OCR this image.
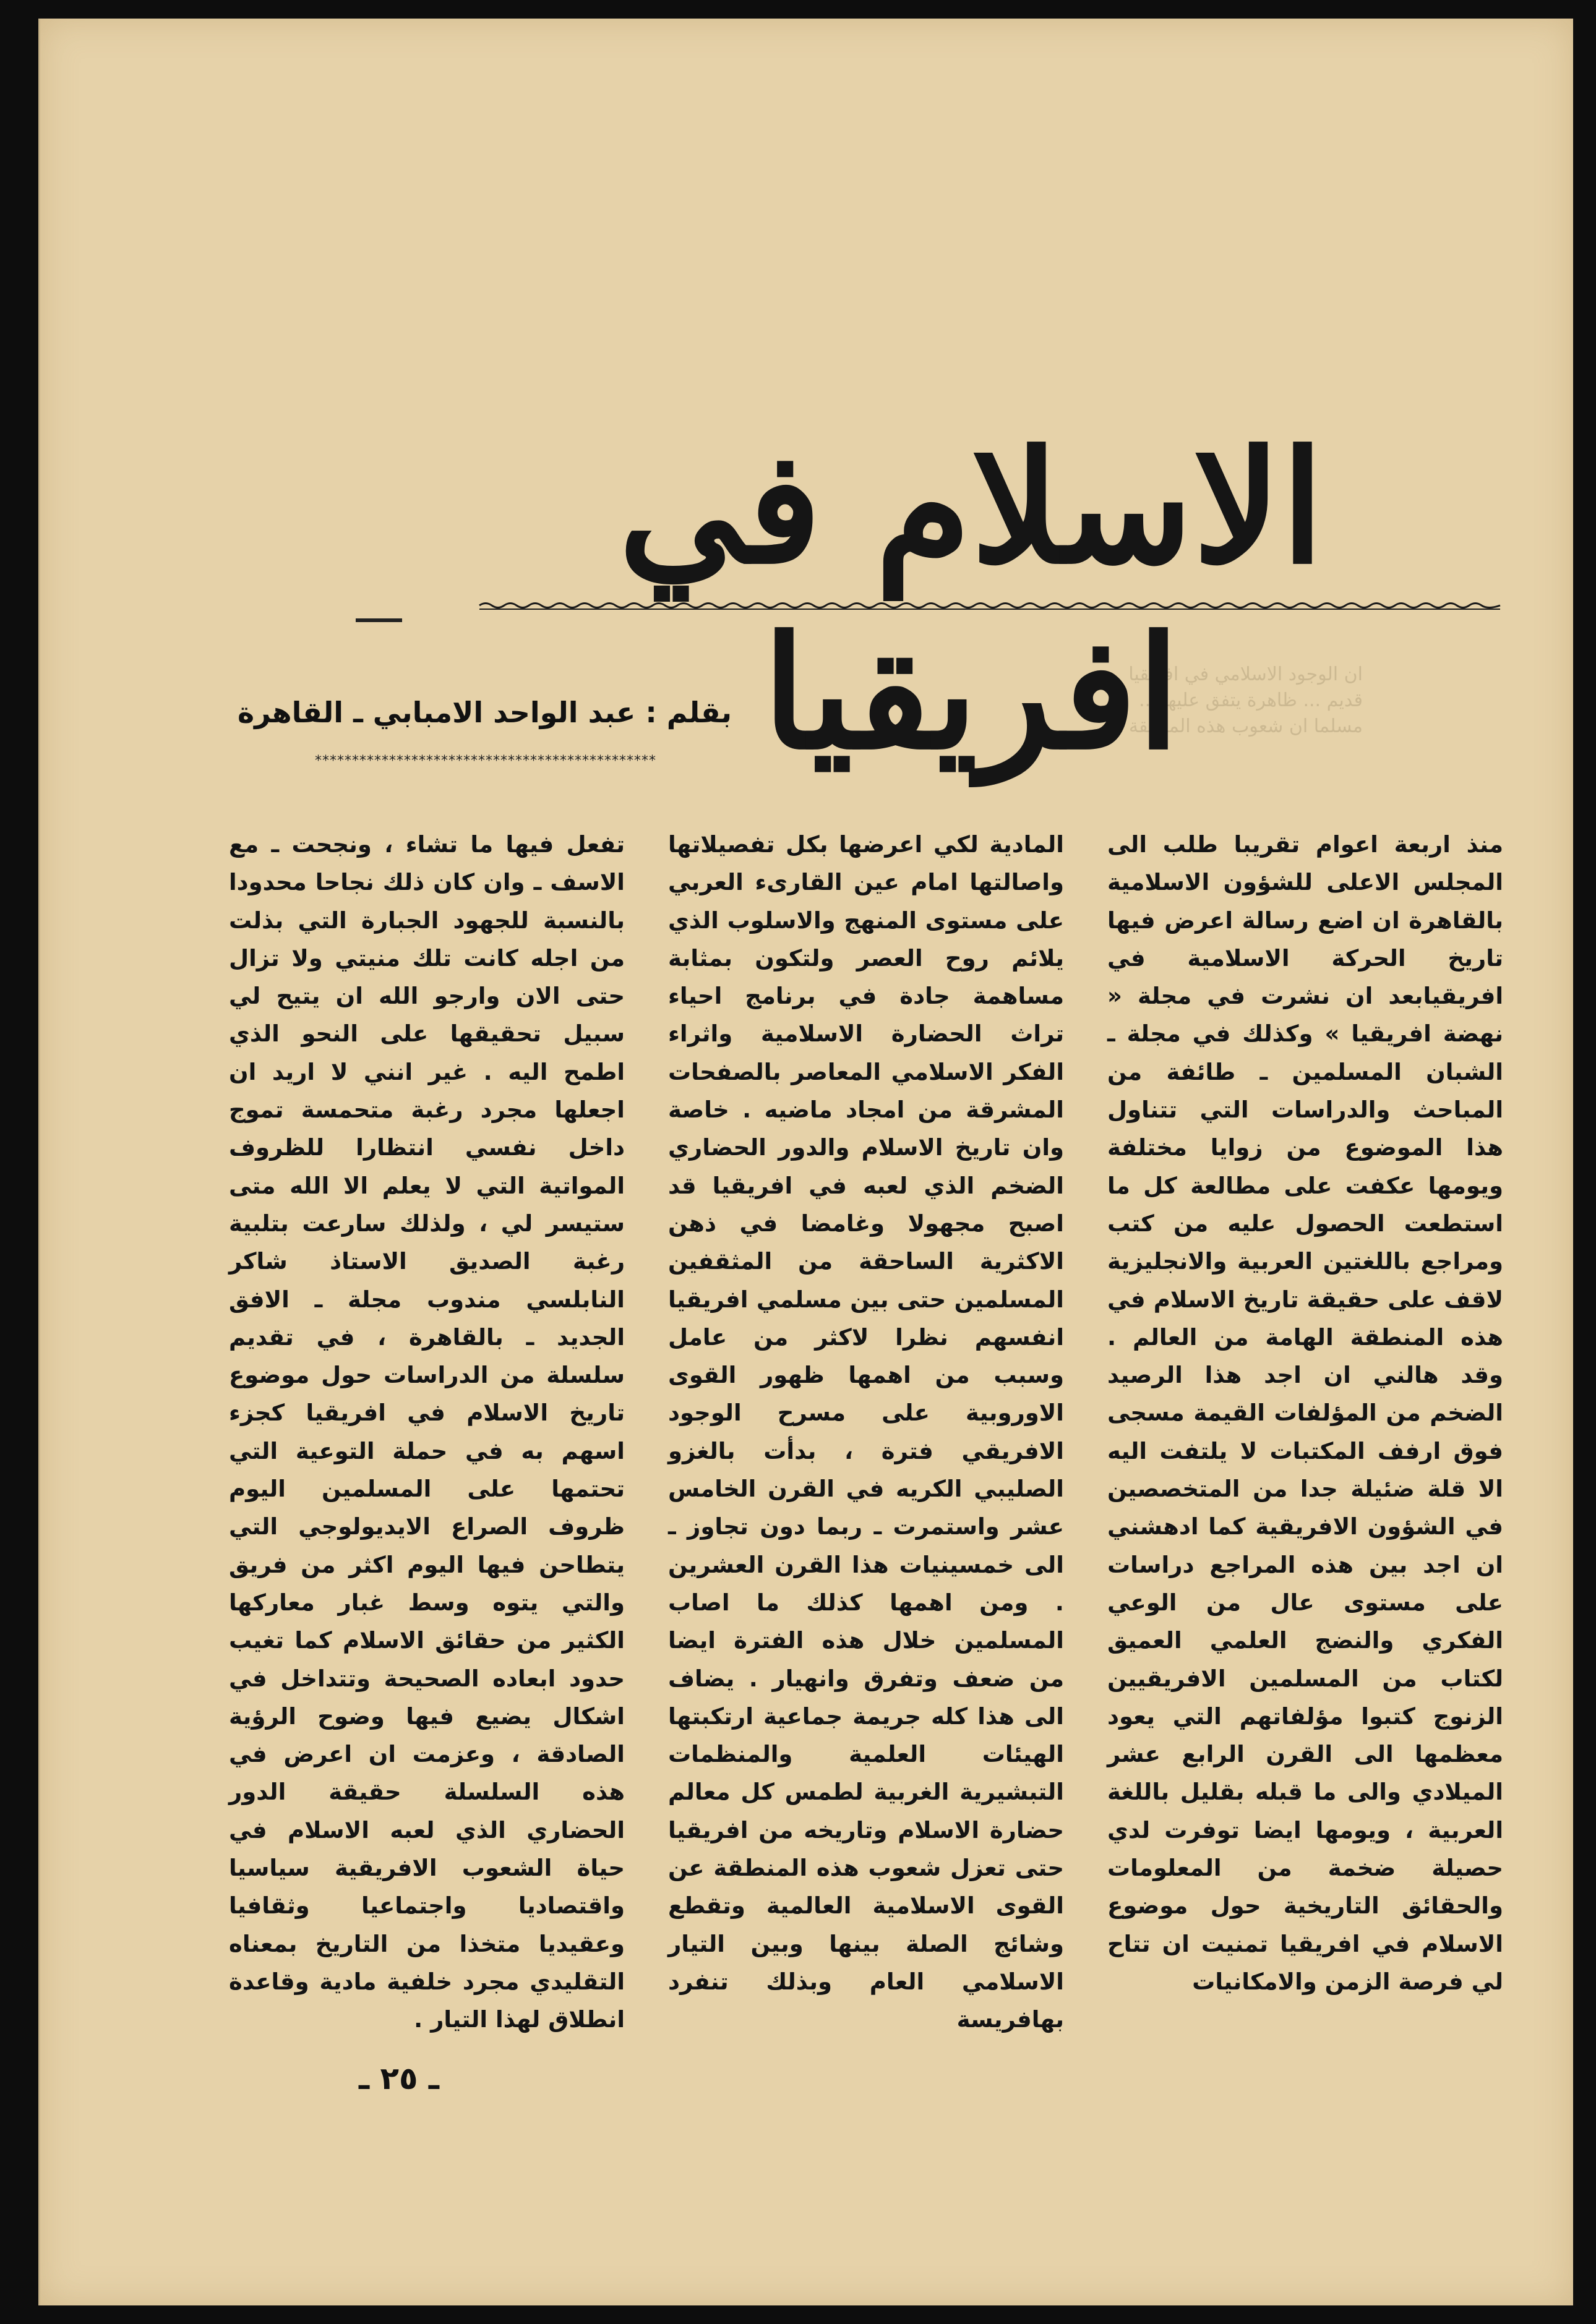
ان الوجود الاسلامي في افريقيا قديم ... ظاهرة يتفق عليها ... مسلما ان شعوب هذه المنطقة ...
الاسلام في افريقيا
بقلم : عبد الواحد الامبابي ـ القاهرة
**********************************************

منذ اربعة اعوام تقريبا طلب الى المجلس الاعلى للشؤون الاسلامية بالقاهرة ان اضع رسالة اعرض فيها تاريخ الحركة الاسلامية في افريقيابعد ان نشرت في مجلة « نهضة افريقيا » وكذلك في مجلة ـ الشبان المسلمين ـ طائفة من المباحث والدراسات التي تتناول هذا الموضوع من زوايا مختلفة ويومها عكفت على مطالعة كل ما استطعت الحصول عليه من كتب ومراجع باللغتين العربية والانجليزية لاقف على حقيقة تاريخ الاسلام في هذه المنطقة الهامة من العالم . وقد هالني ان اجد هذا الرصيد الضخم من المؤلفات القيمة مسجى فوق ارفف المكتبات لا يلتفت اليه الا قلة ضئيلة جدا من المتخصصين في الشؤون الافريقية كما ادهشني ان اجد بين هذه المراجع دراسات على مستوى عال من الوعي الفكري والنضج العلمي العميق لكتاب من المسلمين الافريقيين الزنوج كتبوا مؤلفاتهم التي يعود معظمها الى القرن الرابع عشر الميلادي والى ما قبله بقليل باللغة العربية ، ويومها ايضا توفرت لدي حصيلة ضخمة من المعلومات والحقائق التاريخية حول موضوع الاسلام في افريقيا تمنيت ان تتاح لي فرصة الزمن والامكانيات

المادية لكي اعرضها بكل تفصيلاتها واصالتها امام عين القارىء العربي على مستوى المنهج والاسلوب الذي يلائم روح العصر ولتكون بمثابة مساهمة جادة في برنامج احياء تراث الحضارة الاسلامية واثراء الفكر الاسلامي المعاصر بالصفحات المشرقة من امجاد ماضيه . خاصة وان تاريخ الاسلام والدور الحضاري الضخم الذي لعبه في افريقيا قد اصبح مجهولا وغامضا في ذهن الاكثرية الساحقة من المثقفين المسلمين حتى بين مسلمي افريقيا انفسهم نظرا لاكثر من عامل وسبب من اهمها ظهور القوى الاوروبية على مسرح الوجود الافريقي فترة ، بدأت بالغزو الصليبي الكريه في القرن الخامس عشر واستمرت ـ ربما دون تجاوز ـ الى خمسينيات هذا القرن العشرين . ومن اهمها كذلك ما اصاب المسلمين خلال هذه الفترة ايضا من ضعف وتفرق وانهيار . يضاف الى هذا كله جريمة جماعية ارتكبتها الهيئات العلمية والمنظمات التبشيرية الغربية لطمس كل معالم حضارة الاسلام وتاريخه من افريقيا حتى تعزل شعوب هذه المنطقة عن القوى الاسلامية العالمية وتقطع وشائج الصلة بينها وبين التيار الاسلامي العام وبذلك تنفرد بهافريسة

تفعل فيها ما تشاء ، ونجحت ـ مع الاسف ـ وان كان ذلك نجاحا محدودا بالنسبة للجهود الجبارة التي بذلت من اجله كانت تلك منيتي ولا تزال حتى الان وارجو الله ان يتيح لي سبيل تحقيقها على النحو الذي اطمح اليه . غير انني لا اريد ان اجعلها مجرد رغبة متحمسة تموج داخل نفسي انتظارا للظروف المواتية التي لا يعلم الا الله متى ستيسر لي ، ولذلك سارعت بتلبية رغبة الصديق الاستاذ شاكر النابلسي مندوب مجلة ـ الافق الجديد ـ بالقاهرة ، في تقديم سلسلة من الدراسات حول موضوع تاريخ الاسلام في افريقيا كجزء اسهم به في حملة التوعية التي تحتمها على المسلمين اليوم ظروف الصراع الايديولوجي التي يتطاحن فيها اليوم اكثر من فريق والتي يتوه وسط غبار معاركها الكثير من حقائق الاسلام كما تغيب حدود ابعاده الصحيحة وتتداخل في اشكال يضيع فيها وضوح الرؤية الصادقة ، وعزمت ان اعرض في هذه السلسلة حقيقة الدور الحضاري الذي لعبه الاسلام في حياة الشعوب الافريقية سياسيا واقتصاديا واجتماعيا وثقافيا وعقيديا متخذا من التاريخ بمعناه التقليدي مجرد خلفية مادية وقاعدة انطلاق لهذا التيار .

ـ ٢٥ ـ
